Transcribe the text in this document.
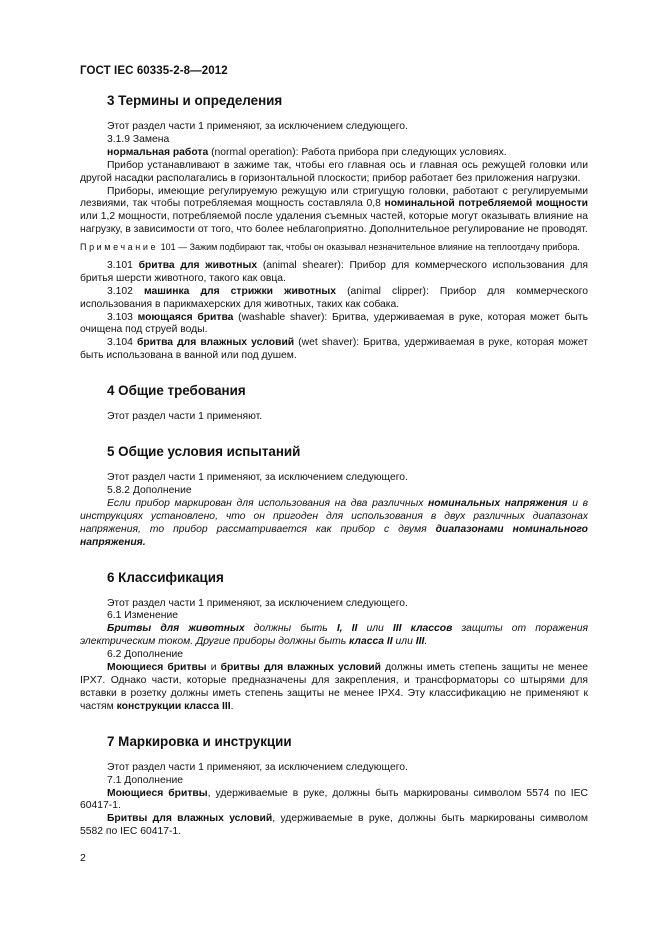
ГОСТ IEC 60335-2-8—2012
3 Термины и определения

Этот раздел части 1 применяют, за исключением следующего.

3.1.9 Замена

нормальная работа (normal operation): Работа прибора при следующих условиях.

Прибор устанавливают в зажиме так, чтобы его главная ось и главная ось режущей головки или другой насадки располагались в горизонтальной плоскости; прибор работает без приложения нагрузки.

Приборы, имеющие регулируемую режущую или стригущую головки, работают с регулируемыми лезвиями, так чтобы потребляемая мощность составляла 0,8 номинальной потребляемой мощности или 1,2 мощности, потребляемой после удаления съемных частей, которые могут оказывать влияние на нагрузку, в зависимости от того, что более неблагоприятно. Дополнительное регулирование не проводят.

Примечание 101 — Зажим подбирают так, чтобы он оказывал незначительное влияние на теплоотдачу прибора.

3.101 бритва для животных (animal shearer): Прибор для коммерческого использования для бритья шерсти животного, такого как овца.

3.102 машинка для стрижки животных (animal clipper): Прибор для коммерческого использования в парикмахерских для животных, таких как собака.

3.103 моющаяся бритва (washable shaver): Бритва, удерживаемая в руке, которая может быть очищена под струей воды.

3.104 бритва для влажных условий (wet shaver): Бритва, удерживаемая в руке, которая может быть использована в ванной или под душем.

4 Общие требования

Этот раздел части 1 применяют.

5 Общие условия испытаний

Этот раздел части 1 применяют, за исключением следующего.

5.8.2 Дополнение

Если прибор маркирован для использования на два различных номинальных напряжения и в инструкциях установлено, что он пригоден для использования в двух различных диапазонах напряжения, то прибор рассматривается как прибор с двумя диапазонами номинального напряжения.

6 Классификация

Этот раздел части 1 применяют, за исключением следующего.

6.1 Изменение

Бритвы для животных должны быть I, II или III классов защиты от поражения электрическим током. Другие приборы должны быть класса II или III.

6.2 Дополнение

Моющиеся бритвы и бритвы для влажных условий должны иметь степень защиты не менее IPX7. Однако части, которые предназначены для закрепления, и трансформаторы со штырями для вставки в розетку должны иметь степень защиты не менее IPX4. Эту классификацию не применяют к частям конструкции класса III.

7 Маркировка и инструкции

Этот раздел части 1 применяют, за исключением следующего.

7.1 Дополнение

Моющиеся бритвы, удерживаемые в руке, должны быть маркированы символом 5574 по IEC 60417-1.

Бритвы для влажных условий, удерживаемые в руке, должны быть маркированы символом 5582 по IEC 60417-1.

2
